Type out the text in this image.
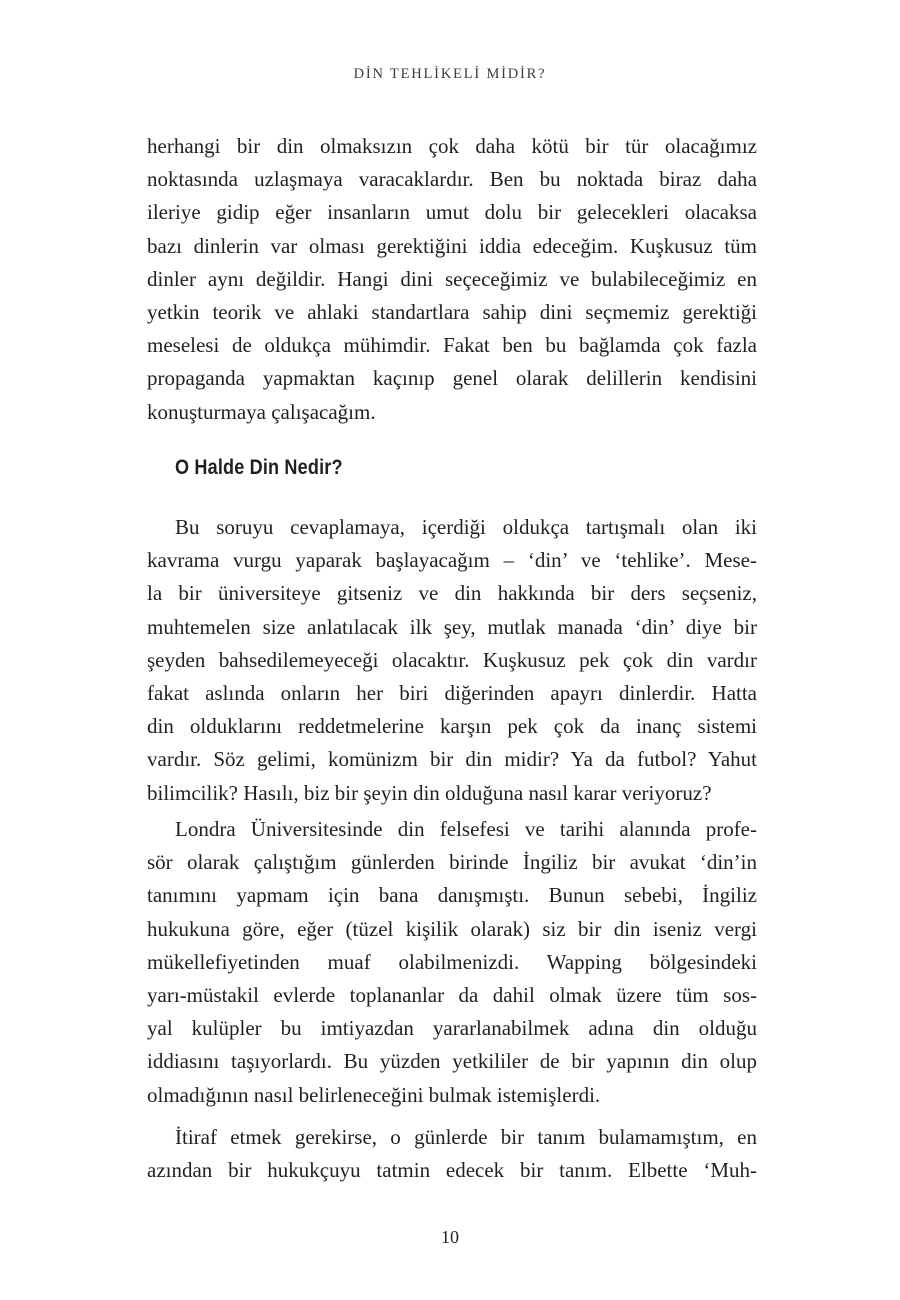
DİN TEHLİKELİ MİDİR?
herhangi bir din olmaksızın çok daha kötü bir tür olacağımız
noktasında uzlaşmaya varacaklardır. Ben bu noktada biraz daha
ileriye gidip eğer insanların umut dolu bir gelecekleri olacaksa
bazı dinlerin var olması gerektiğini iddia edeceğim. Kuşkusuz tüm
dinler aynı değildir. Hangi dini seçeceğimiz ve bulabileceğimiz en
yetkin teorik ve ahlaki standartlara sahip dini seçmemiz gerektiği
meselesi de oldukça mühimdir. Fakat ben bu bağlamda çok fazla
propaganda yapmaktan kaçınıp genel olarak delillerin kendisini
konuşturmaya çalışacağım.
O Halde Din Nedir?
Bu soruyu cevaplamaya, içerdiği oldukça tartışmalı olan iki
kavrama vurgu yaparak başlayacağım – ‘din’ ve ‘tehlike’. Mese-
la bir üniversiteye gitseniz ve din hakkında bir ders seçseniz,
muhtemelen size anlatılacak ilk şey, mutlak manada ‘din’ diye bir
şeyden bahsedilemeyeceği olacaktır. Kuşkusuz pek çok din vardır
fakat aslında onların her biri diğerinden apayrı dinlerdir. Hatta
din olduklarını reddetmelerine karşın pek çok da inanç sistemi
vardır. Söz gelimi, komünizm bir din midir? Ya da futbol? Yahut
bilimcilik? Hasılı, biz bir şeyin din olduğuna nasıl karar veriyoruz?
Londra Üniversitesinde din felsefesi ve tarihi alanında profe-
sör olarak çalıştığım günlerden birinde İngiliz bir avukat ‘din’in
tanımını yapmam için bana danışmıştı. Bunun sebebi, İngiliz
hukukuna göre, eğer (tüzel kişilik olarak) siz bir din iseniz vergi
mükellefiyetinden muaf olabilmenizdi. Wapping bölgesindeki
yarı-müstakil evlerde toplananlar da dahil olmak üzere tüm sos-
yal kulüpler bu imtiyazdan yararlanabilmek adına din olduğu
iddiasını taşıyorlardı. Bu yüzden yetkililer de bir yapının din olup
olmadığının nasıl belirleneceğini bulmak istemişlerdi.
İtiraf etmek gerekirse, o günlerde bir tanım bulamamıştım, en
azından bir hukukçuyu tatmin edecek bir tanım. Elbette ‘Muh-
10
